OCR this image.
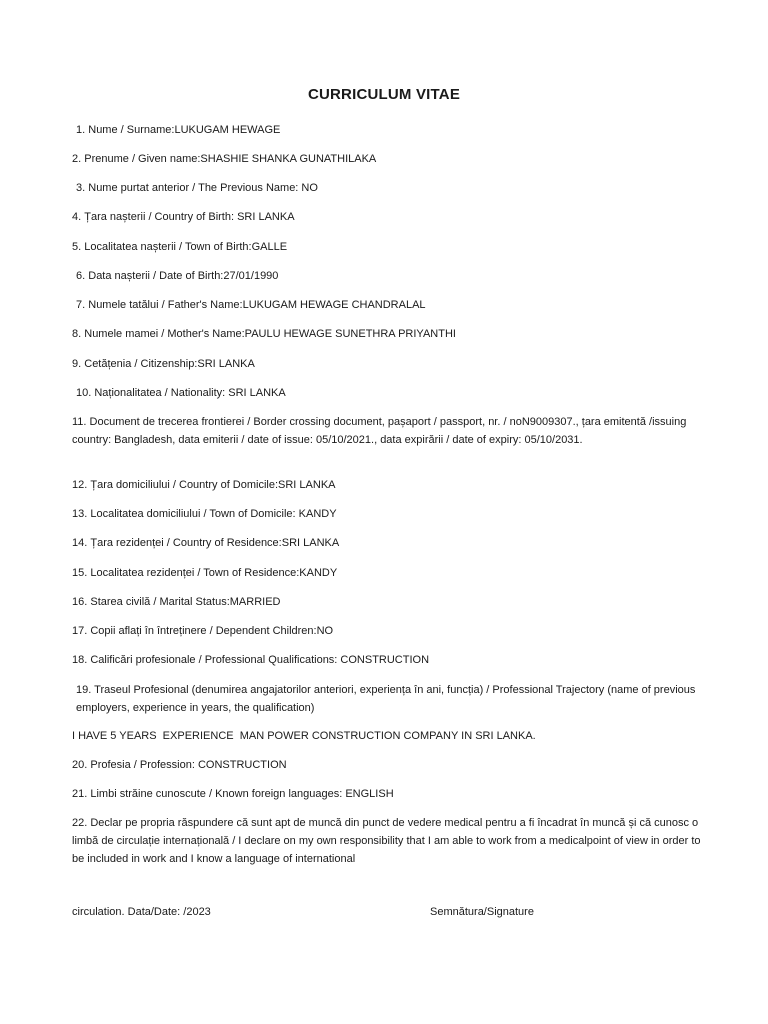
CURRICULUM VITAE
1. Nume / Surname:LUKUGAM HEWAGE
2. Prenume / Given name:SHASHIE SHANKA GUNATHILAKA
3. Nume purtat anterior / The Previous Name: NO
4. Țara nașterii / Country of Birth: SRI LANKA
5. Localitatea nașterii / Town of Birth:GALLE
6. Data nașterii / Date of Birth:27/01/1990
7. Numele tatălui / Father's Name:LUKUGAM HEWAGE CHANDRALAL
8. Numele mamei / Mother's Name:PAULU HEWAGE SUNETHRA PRIYANTHI
9. Cetățenia / Citizenship:SRI LANKA
10. Naționalitatea / Nationality: SRI LANKA
11. Document de trecerea frontierei / Border crossing document, pașaport / passport, nr. / noN9009307., țara emitentă /issuing country: Bangladesh, data emiterii / date of issue: 05/10/2021., data expirării / date of expiry: 05/10/2031.
12. Țara domiciliului / Country of Domicile:SRI LANKA
13. Localitatea domiciliului / Town of Domicile: KANDY
14. Țara rezidenței / Country of Residence:SRI LANKA
15. Localitatea rezidenței / Town of Residence:KANDY
16. Starea civilă / Marital Status:MARRIED
17. Copii aflați în întreținere / Dependent Children:NO
18. Calificări profesionale / Professional Qualifications: CONSTRUCTION
19. Traseul Profesional (denumirea angajatorilor anteriori, experiența în ani, funcția) / Professional Trajectory (name of previous employers, experience in years, the qualification)
I HAVE 5 YEARS  EXPERIENCE  MAN POWER CONSTRUCTION COMPANY IN SRI LANKA.
20. Profesia / Profession: CONSTRUCTION
21. Limbi străine cunoscute / Known foreign languages: ENGLISH
22. Declar pe propria răspundere că sunt apt de muncă din punct de vedere medical pentru a fi încadrat în muncă și că cunosc o limbă de circulație internațională / I declare on my own responsibility that I am able to work from a medicalpoint of view in order to be included in work and I know a language of international
circulation. Data/Date: /2023	Semnătura/Signature
